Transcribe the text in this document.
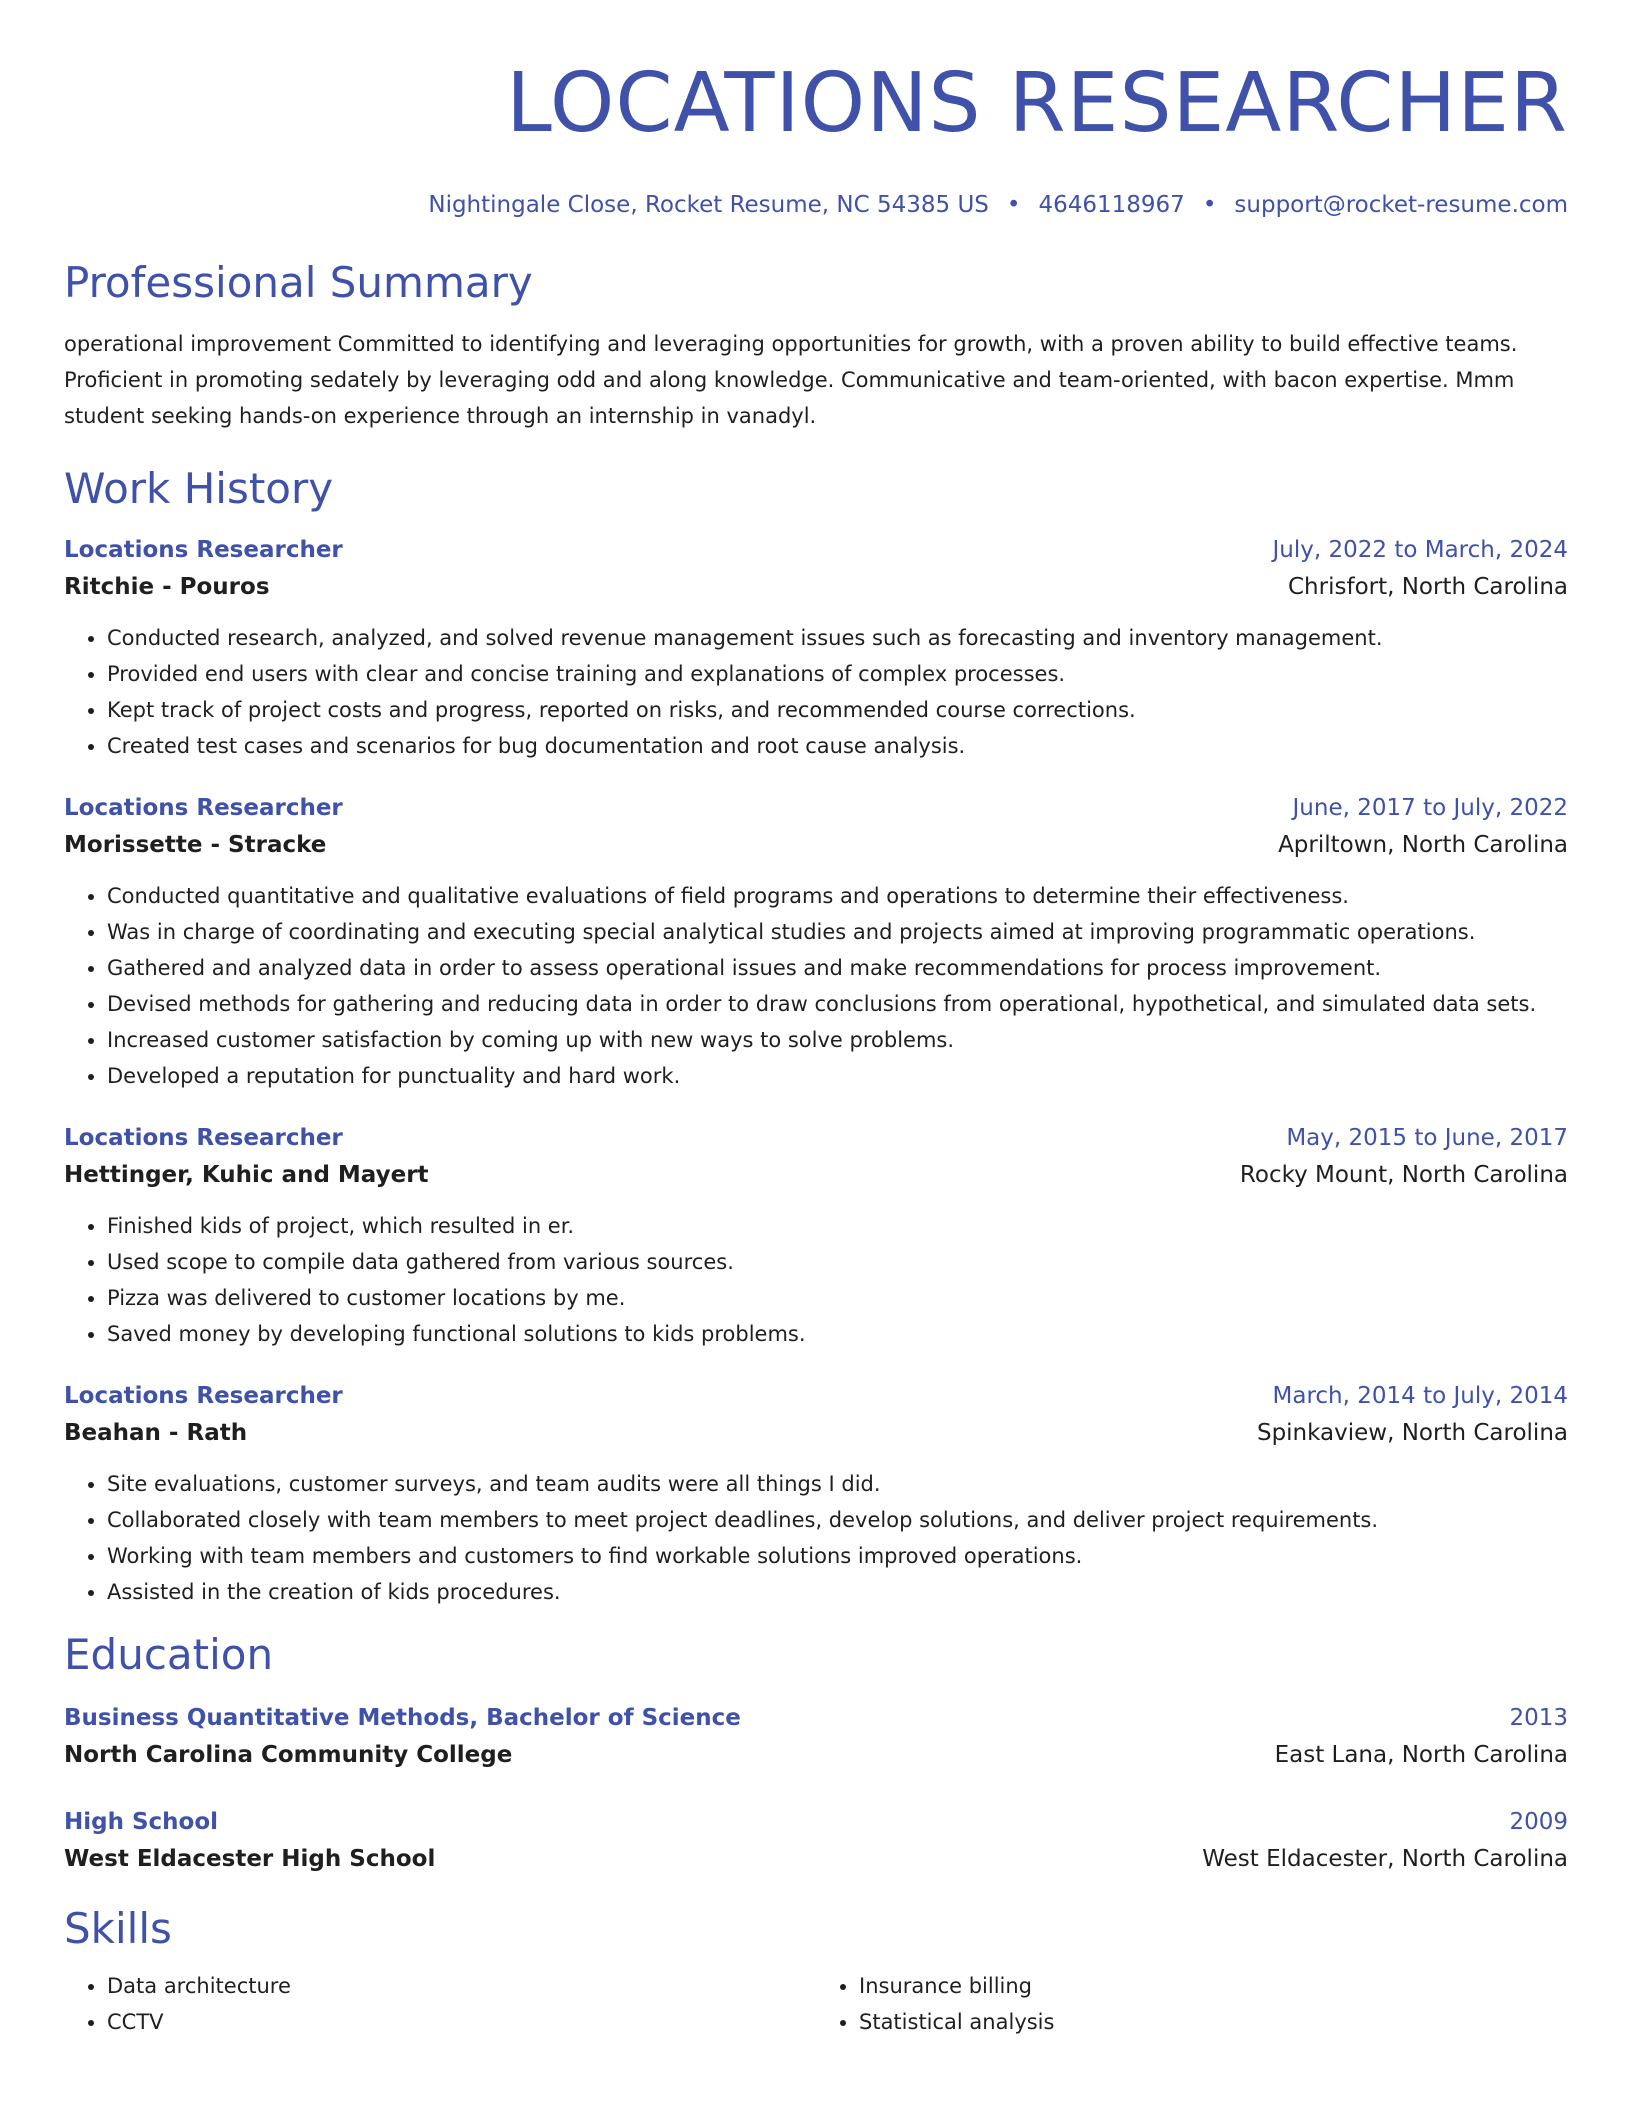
LOCATIONS RESEARCHER
Nightingale Close, Rocket Resume, NC 54385 US • 4646118967 • support@rocket-resume.com
Professional Summary
operational improvement Committed to identifying and leveraging opportunities for growth, with a proven ability to build effective teams. Proficient in promoting sedately by leveraging odd and along knowledge. Communicative and team-oriented, with bacon expertise. Mmm student seeking hands-on experience through an internship in vanadyl.
Work History
Locations Researcher	July, 2022 to March, 2024
Ritchie - Pouros	Chrisfort, North Carolina
• Conducted research, analyzed, and solved revenue management issues such as forecasting and inventory management.
• Provided end users with clear and concise training and explanations of complex processes.
• Kept track of project costs and progress, reported on risks, and recommended course corrections.
• Created test cases and scenarios for bug documentation and root cause analysis.
Locations Researcher	June, 2017 to July, 2022
Morissette - Stracke	Apriltown, North Carolina
• Conducted quantitative and qualitative evaluations of field programs and operations to determine their effectiveness.
• Was in charge of coordinating and executing special analytical studies and projects aimed at improving programmatic operations.
• Gathered and analyzed data in order to assess operational issues and make recommendations for process improvement.
• Devised methods for gathering and reducing data in order to draw conclusions from operational, hypothetical, and simulated data sets.
• Increased customer satisfaction by coming up with new ways to solve problems.
• Developed a reputation for punctuality and hard work.
Locations Researcher	May, 2015 to June, 2017
Hettinger, Kuhic and Mayert	Rocky Mount, North Carolina
• Finished kids of project, which resulted in er.
• Used scope to compile data gathered from various sources.
• Pizza was delivered to customer locations by me.
• Saved money by developing functional solutions to kids problems.
Locations Researcher	March, 2014 to July, 2014
Beahan - Rath	Spinkaview, North Carolina
• Site evaluations, customer surveys, and team audits were all things I did.
• Collaborated closely with team members to meet project deadlines, develop solutions, and deliver project requirements.
• Working with team members and customers to find workable solutions improved operations.
• Assisted in the creation of kids procedures.
Education
Business Quantitative Methods, Bachelor of Science	2013
North Carolina Community College	East Lana, North Carolina
High School	2009
West Eldacester High School	West Eldacester, North Carolina
Skills
• Data architecture
• CCTV
• Insurance billing
• Statistical analysis
